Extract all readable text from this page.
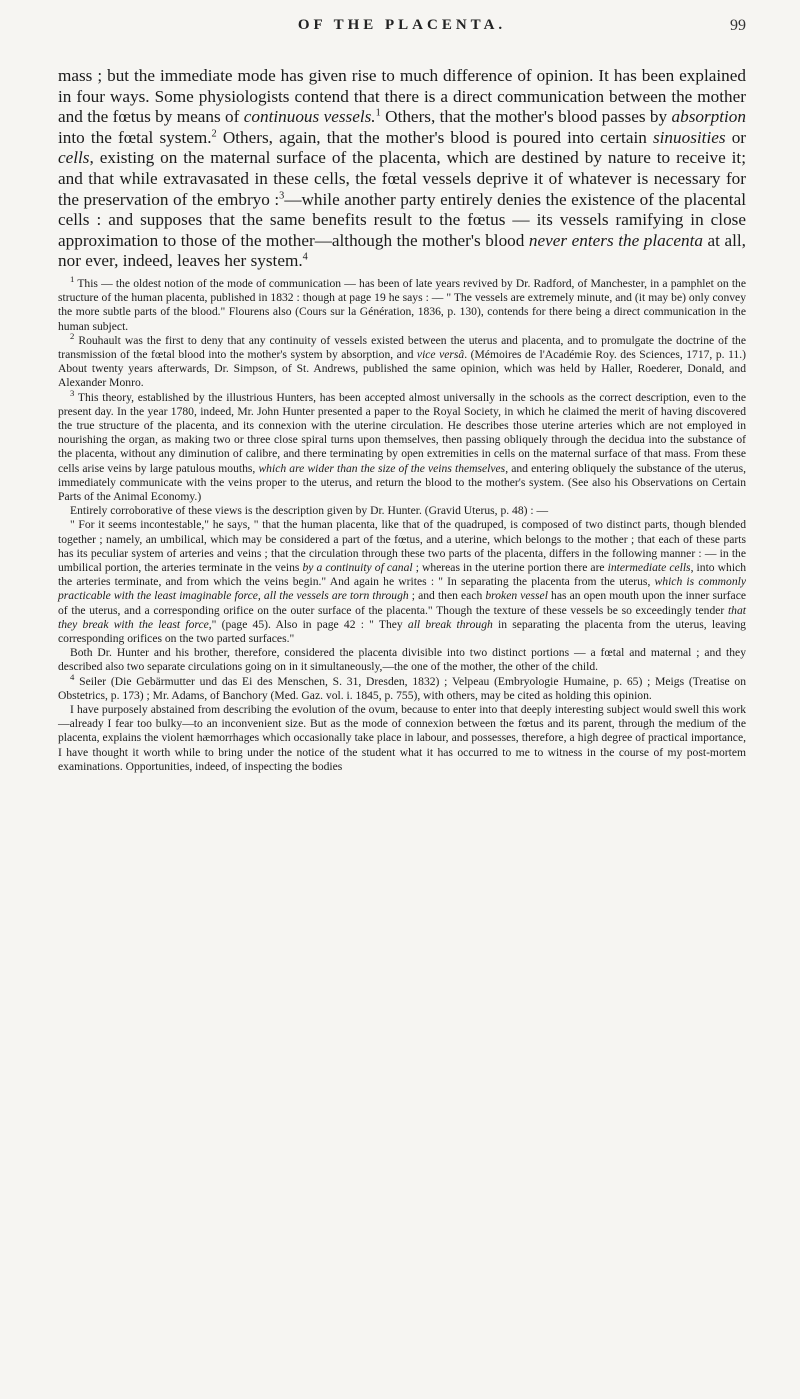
OF THE PLACENTA.	99

mass ; but the immediate mode has given rise to much difference of opinion. It has been explained in four ways. Some physiologists contend that there is a direct communication between the mother and the fœtus by means of continuous vessels.$^1$ Others, that the mother's blood passes by absorption into the fœtal system.$^2$ Others, again, that the mother's blood is poured into certain sinuosities or cells, existing on the maternal surface of the placenta, which are destined by nature to receive it; and that while extravasated in these cells, the fœtal vessels deprive it of whatever is necessary for the preservation of the embryo :$^3$—while another party entirely denies the existence of the placental cells : and supposes that the same benefits result to the fœtus — its vessels ramifying in close approximation to those of the mother—although the mother's blood never enters the placenta at all, nor ever, indeed, leaves her system.$^4$

$^1$ This — the oldest notion of the mode of communication — has been of late years revived by Dr. Radford, of Manchester, in a pamphlet on the structure of the human placenta, published in 1832 : though at page 19 he says : — " The vessels are extremely minute, and (it may be) only convey the more subtle parts of the blood." Flourens also (Cours sur la Génération, 1836, p. 130), contends for there being a direct communication in the human subject.

$^2$ Rouhault was the first to deny that any continuity of vessels existed between the uterus and placenta, and to promulgate the doctrine of the transmission of the fœtal blood into the mother's system by absorption, and vice versâ. (Mémoires de l'Académie Roy. des Sciences, 1717, p. 11.) About twenty years afterwards, Dr. Simpson, of St. Andrews, published the same opinion, which was held by Haller, Roederer, Donald, and Alexander Monro.

$^3$ This theory, established by the illustrious Hunters, has been accepted almost universally in the schools as the correct description, even to the present day. In the year 1780, indeed, Mr. John Hunter presented a paper to the Royal Society, in which he claimed the merit of having discovered the true structure of the placenta, and its connexion with the uterine circulation. He describes those uterine arteries which are not employed in nourishing the organ, as making two or three close spiral turns upon themselves, then passing obliquely through the decidua into the substance of the placenta, without any diminution of calibre, and there terminating by open extremities in cells on the maternal surface of that mass. From these cells arise veins by large patulous mouths, which are wider than the size of the veins themselves, and entering obliquely the substance of the uterus, immediately communicate with the veins proper to the uterus, and return the blood to the mother's system. (See also his Observations on Certain Parts of the Animal Economy.)

Entirely corroborative of these views is the description given by Dr. Hunter. (Gravid Uterus, p. 48) : —

" For it seems incontestable," he says, " that the human placenta, like that of the quadruped, is composed of two distinct parts, though blended together ; namely, an umbilical, which may be considered a part of the fœtus, and a uterine, which belongs to the mother ; that each of these parts has its peculiar system of arteries and veins ; that the circulation through these two parts of the placenta, differs in the following manner : — in the umbilical portion, the arteries terminate in the veins by a continuity of canal ; whereas in the uterine portion there are intermediate cells, into which the arteries terminate, and from which the veins begin." And again he writes : " In separating the placenta from the uterus, which is commonly practicable with the least imaginable force, all the vessels are torn through ; and then each broken vessel has an open mouth upon the inner surface of the uterus, and a corresponding orifice on the outer surface of the placenta." Though the texture of these vessels be so exceedingly tender that they break with the least force," (page 45). Also in page 42 : " They all break through in separating the placenta from the uterus, leaving corresponding orifices on the two parted surfaces."

Both Dr. Hunter and his brother, therefore, considered the placenta divisible into two distinct portions — a fœtal and maternal ; and they described also two separate circulations going on in it simultaneously,—the one of the mother, the other of the child.

$^4$ Seiler (Die Gebärmutter und das Ei des Menschen, S. 31, Dresden, 1832) ; Velpeau (Embryologie Humaine, p. 65) ; Meigs (Treatise on Obstetrics, p. 173) ; Mr. Adams, of Banchory (Med. Gaz. vol. i. 1845, p. 755), with others, may be cited as holding this opinion.

I have purposely abstained from describing the evolution of the ovum, because to enter into that deeply interesting subject would swell this work—already I fear too bulky—to an inconvenient size. But as the mode of connexion between the fœtus and its parent, through the medium of the placenta, explains the violent hæmorrhages which occasionally take place in labour, and possesses, therefore, a high degree of practical importance, I have thought it worth while to bring under the notice of the student what it has occurred to me to witness in the course of my post-mortem examinations. Opportunities, indeed, of inspecting the bodies
